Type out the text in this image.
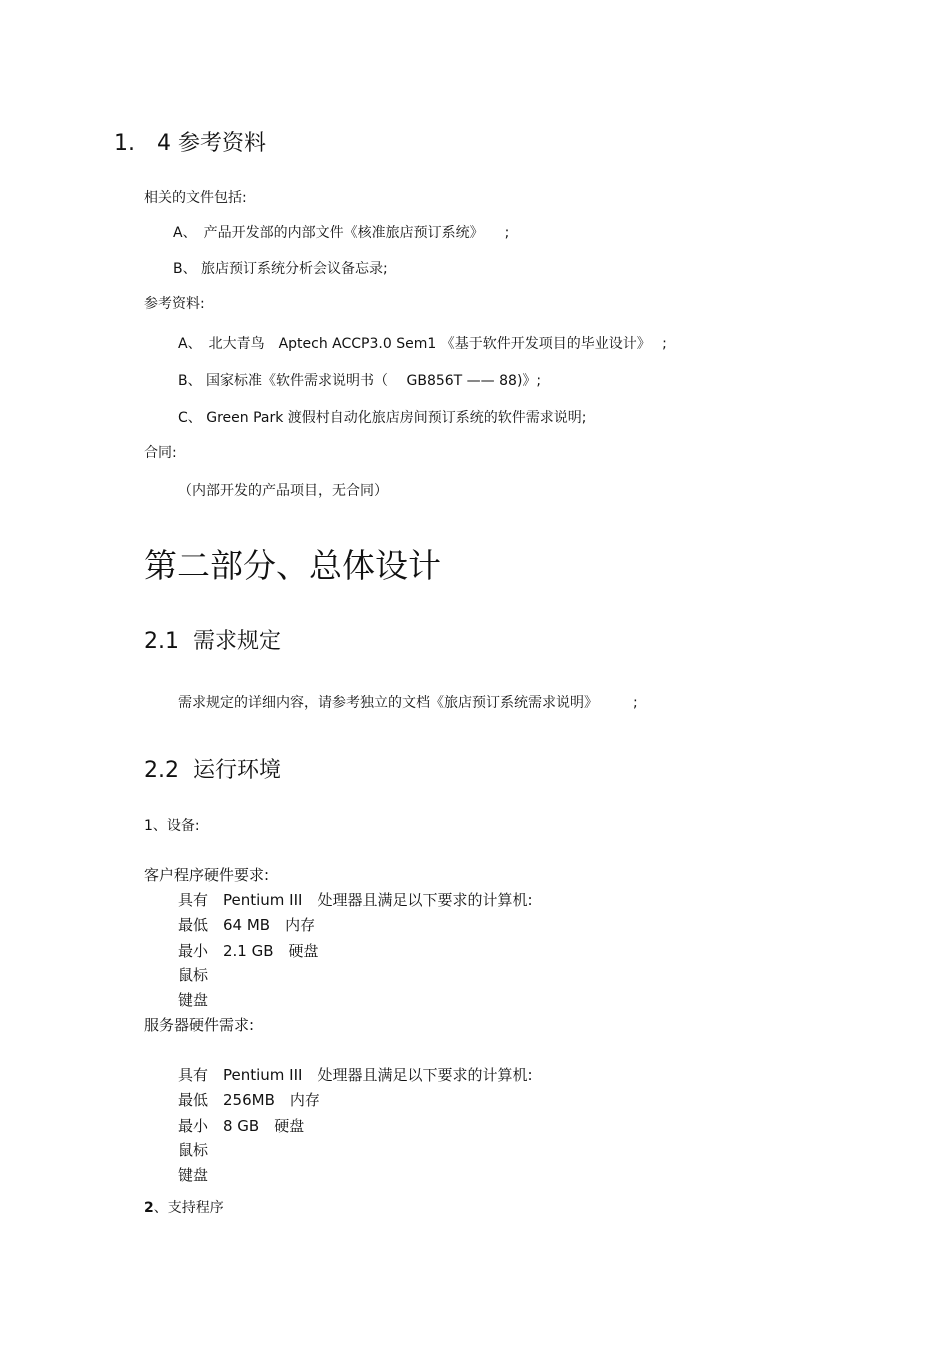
1.　4 参考资料
相关的文件包括:
A、　产品开发部的内部文件《核准旅店预订系统》　　;
B、 旅店预订系统分析会议备忘录;
参考资料:
A、　北大青鸟　Aptech ACCP3.0 Sem1 《基于软件开发项目的毕业设计》　 ;
B、 国家标准《软件需求说明书（　 GB856T —— 88)》;
C、 Green Park 渡假村自动化旅店房间预订系统的软件需求说明;
合同:
（内部开发的产品项目，无合同）
第二部分、总体设计
2.1  需求规定
需求规定的详细内容，请参考独立的文档《旅店预订系统需求说明》　　　;
2.2  运行环境
1、设备:
客户程序硬件要求:
具有　Pentium III　处理器且满足以下要求的计算机:
最低　64 MB　内存
最小　2.1 GB　硬盘
鼠标
键盘
服务器硬件需求:
具有　Pentium III　处理器且满足以下要求的计算机:
最低　256MB　内存
最小　8 GB　硬盘
鼠标
键盘
2、支持程序
